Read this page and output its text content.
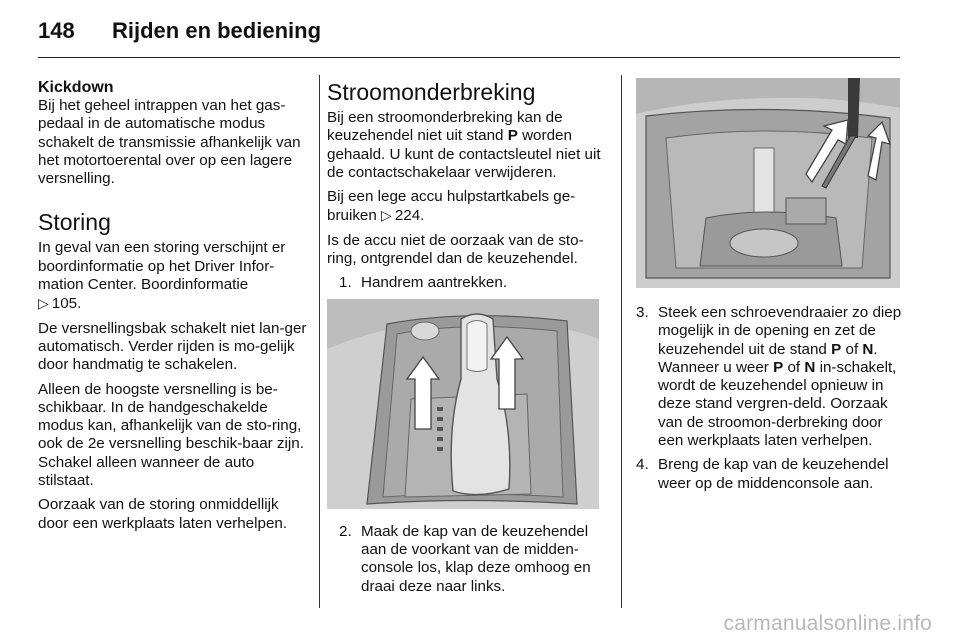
148 Rijden en bediening
Kickdown

Bij het geheel intrappen van het gas-pedaal in de automatische modus schakelt de transmissie afhankelijk van het motortoerental over op een lagere versnelling.

Storing

In geval van een storing verschijnt er boordinformatie op het Driver Infor-mation Center. Boordinformatie
▷ 105.

De versnellingsbak schakelt niet lan-ger automatisch. Verder rijden is mo-gelijk door handmatig te schakelen.

Alleen de hoogste versnelling is be-schikbaar. In de handgeschakelde modus kan, afhankelijk van de sto-ring, ook de 2e versnelling beschik-baar zijn. Schakel alleen wanneer de auto stilstaat.

Oorzaak van de storing onmiddellijk door een werkplaats laten verhelpen.

Stroomonderbreking

Bij een stroomonderbreking kan de keuzehendel niet uit stand P worden gehaald. U kunt de contactsleutel niet uit de contactschakelaar verwijderen.

Bij een lege accu hulpstartkabels ge-bruiken ▷ 224.

Is de accu niet de oorzaak van de sto-ring, ontgrendel dan de keuzehendel.

1. Handrem aantrekken.
2. Maak de kap van de keuzehendel aan de voorkant van de midden-console los, klap deze omhoog en draai deze naar links.
3. Steek een schroevendraaier zo diep mogelijk in de opening en zet de keuzehendel uit de stand P of N. Wanneer u weer P of N in-schakelt, wordt de keuzehendel opnieuw in deze stand vergren-deld. Oorzaak van de stroomon-derbreking door een werkplaats laten verhelpen.
4. Breng de kap van de keuzehendel weer op de middenconsole aan.
carmanualsonline.info
